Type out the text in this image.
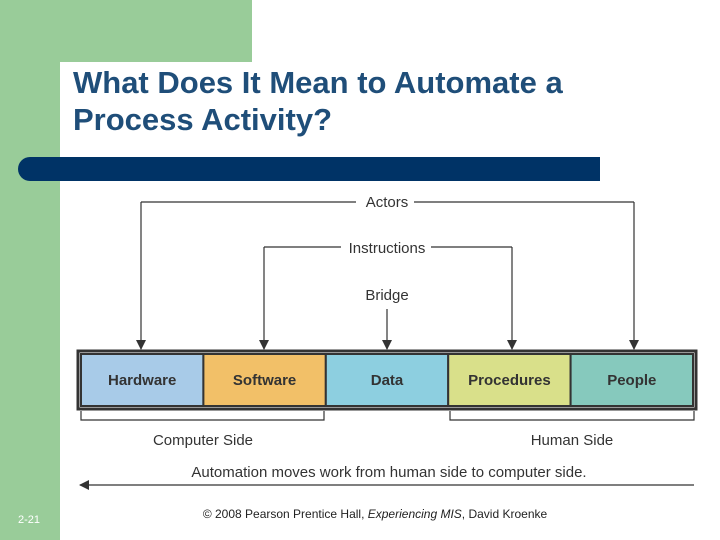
What Does It Mean to Automate a
Process Activity?
Actors
Instructions
Bridge
Hardware	Software	Data	Procedures	People
Computer Side	Human Side
Automation moves work from human side to computer side.
© 2008 Pearson Prentice Hall, Experiencing MIS, David Kroenke
2-21
